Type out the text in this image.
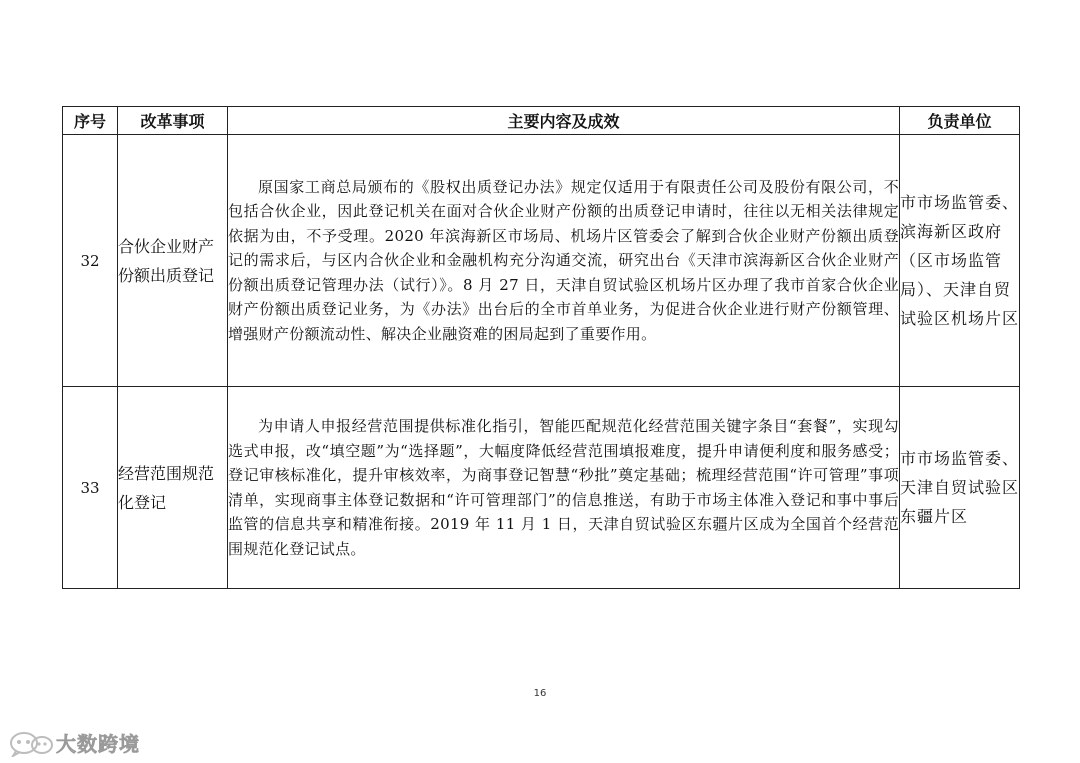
序号	改革事项	主要内容及成效	负责单位
32	合伙企业财产份额出质登记	原国家工商总局颁布的《股权出质登记办法》规定仅适用于有限责任公司及股份有限公司，不包括合伙企业，因此登记机关在面对合伙企业财产份额的出质登记申请时，往往以无相关法律规定依据为由，不予受理。2020 年滨海新区市场局、机场片区管委会了解到合伙企业财产份额出质登记的需求后，与区内合伙企业和金融机构充分沟通交流，研究出台《天津市滨海新区合伙企业财产份额出质登记管理办法（试行）》。8 月 27 日，天津自贸试验区机场片区办理了我市首家合伙企业财产份额出质登记业务，为《办法》出台后的全市首单业务，为促进合伙企业进行财产份额管理、增强财产份额流动性、解决企业融资难的困局起到了重要作用。	市市场监管委、滨海新区政府（区市场监管局）、天津自贸试验区机场片区
33	经营范围规范化登记	为申请人申报经营范围提供标准化指引，智能匹配规范化经营范围关键字条目“套餐”，实现勾选式申报，改“填空题”为“选择题”，大幅度降低经营范围填报难度，提升申请便利度和服务感受；登记审核标准化，提升审核效率，为商事登记智慧“秒批”奠定基础；梳理经营范围“许可管理”事项清单，实现商事主体登记数据和“许可管理部门”的信息推送，有助于市场主体准入登记和事中事后监管的信息共享和精准衔接。2019 年 11 月 1 日，天津自贸试验区东疆片区成为全国首个经营范围规范化登记试点。	市市场监管委、天津自贸试验区东疆片区
16
大数跨境
